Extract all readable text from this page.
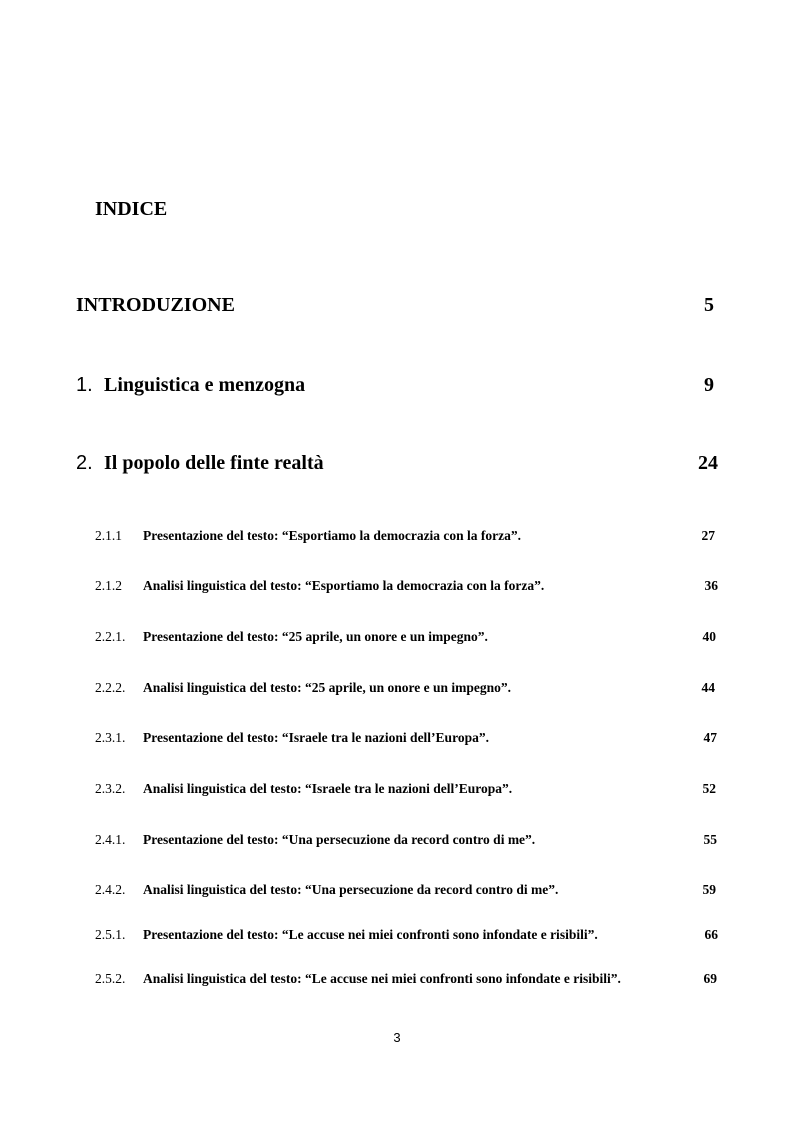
INDICE
INTRODUZIONE	5
1. Linguistica e menzogna	9
2. Il popolo delle finte realtà	24
2.1.1 Presentazione del testo: “Esportiamo la democrazia con la forza”.	27
2.1.2 Analisi linguistica del testo: “Esportiamo la democrazia con la forza”.	36
2.2.1. Presentazione del testo: “25 aprile, un onore e un impegno”.	40
2.2.2. Analisi linguistica del testo: “25 aprile, un onore e un impegno”.	44
2.3.1. Presentazione del testo: “Israele tra le nazioni dell’Europa”.	47
2.3.2. Analisi linguistica del testo: “Israele tra le nazioni dell’Europa”.	52
2.4.1. Presentazione del testo: “Una persecuzione da record contro di me”.	55
2.4.2. Analisi linguistica del testo: “Una persecuzione da record contro di me”.	59
2.5.1. Presentazione del testo: “Le accuse nei miei confronti sono infondate e risibili”.	66
2.5.2. Analisi linguistica del testo: “Le accuse nei miei confronti sono infondate e risibili”.	69
3
